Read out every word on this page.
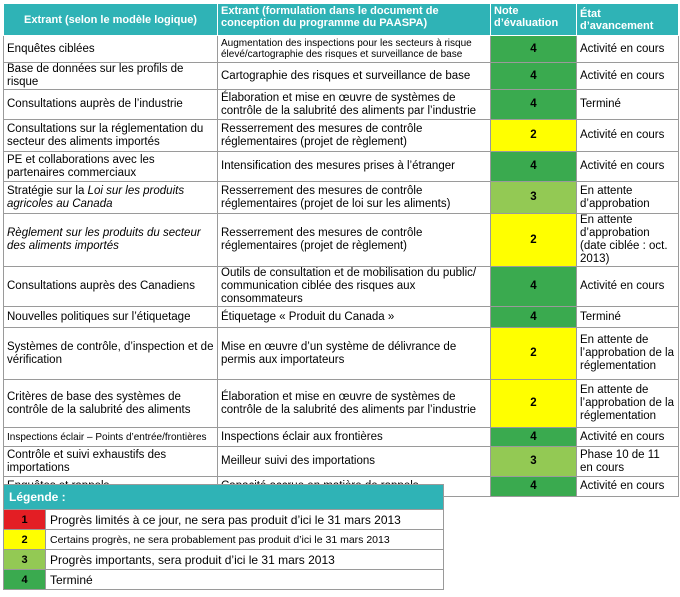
Extrant (selon le modèle logique)	Extrant (formulation dans le document de conception du programme du PAASPA)	Note d’évaluation	État d’avancement
Enquêtes ciblées	Augmentation des inspections pour les secteurs à risque élevé/cartographie des risques et surveillance de base	4	Activité en cours
Base de données sur les profils de risque	Cartographie des risques et surveillance de base	4	Activité en cours
Consultations auprès de l’industrie	Élaboration et mise en œuvre de systèmes de contrôle de la salubrité des aliments par l’industrie	4	Terminé
Consultations sur la réglementation du secteur des aliments importés	Resserrement des mesures de contrôle réglementaires (projet de règlement)	2	Activité en cours
PE et collaborations avec les partenaires commerciaux	Intensification des mesures prises à l’étranger	4	Activité en cours
Stratégie sur la Loi sur les produits agricoles au Canada	Resserrement des mesures de contrôle réglementaires (projet de loi sur les aliments)	3	En attente d’approbation
Règlement sur les produits du secteur des aliments importés	Resserrement des mesures de contrôle réglementaires (projet de règlement)	2	En attente d’approbation (date ciblée : oct. 2013)
Consultations auprès des Canadiens	Outils de consultation et de mobilisation du public/ communication ciblée des risques aux consommateurs	4	Activité en cours
Nouvelles politiques sur l’étiquetage	Étiquetage « Produit du Canada »	4	Terminé
Systèmes de contrôle, d’inspection et de vérification	Mise en œuvre d’un système de délivrance de permis aux importateurs	2	En attente de l’approbation de la réglementation
Critères de base des systèmes de contrôle de la salubrité des aliments	Élaboration et mise en œuvre de systèmes de contrôle de la salubrité des aliments par l’industrie	2	En attente de l’approbation de la réglementation
Inspections éclair – Points d’entrée/frontières	Inspections éclair aux frontières	4	Activité en cours
Contrôle et suivi exhaustifs des importations	Meilleur suivi des importations	3	Phase 10 de 11 en cours
		4	Activité en cours
Légende :	
1	Progrès limités à ce jour, ne sera pas produit d’ici le 31 mars 2013
2	Certains progrès, ne sera probablement pas produit d’ici le 31 mars 2013
3	Progrès importants, sera produit d’ici le 31 mars 2013
4	Terminé
